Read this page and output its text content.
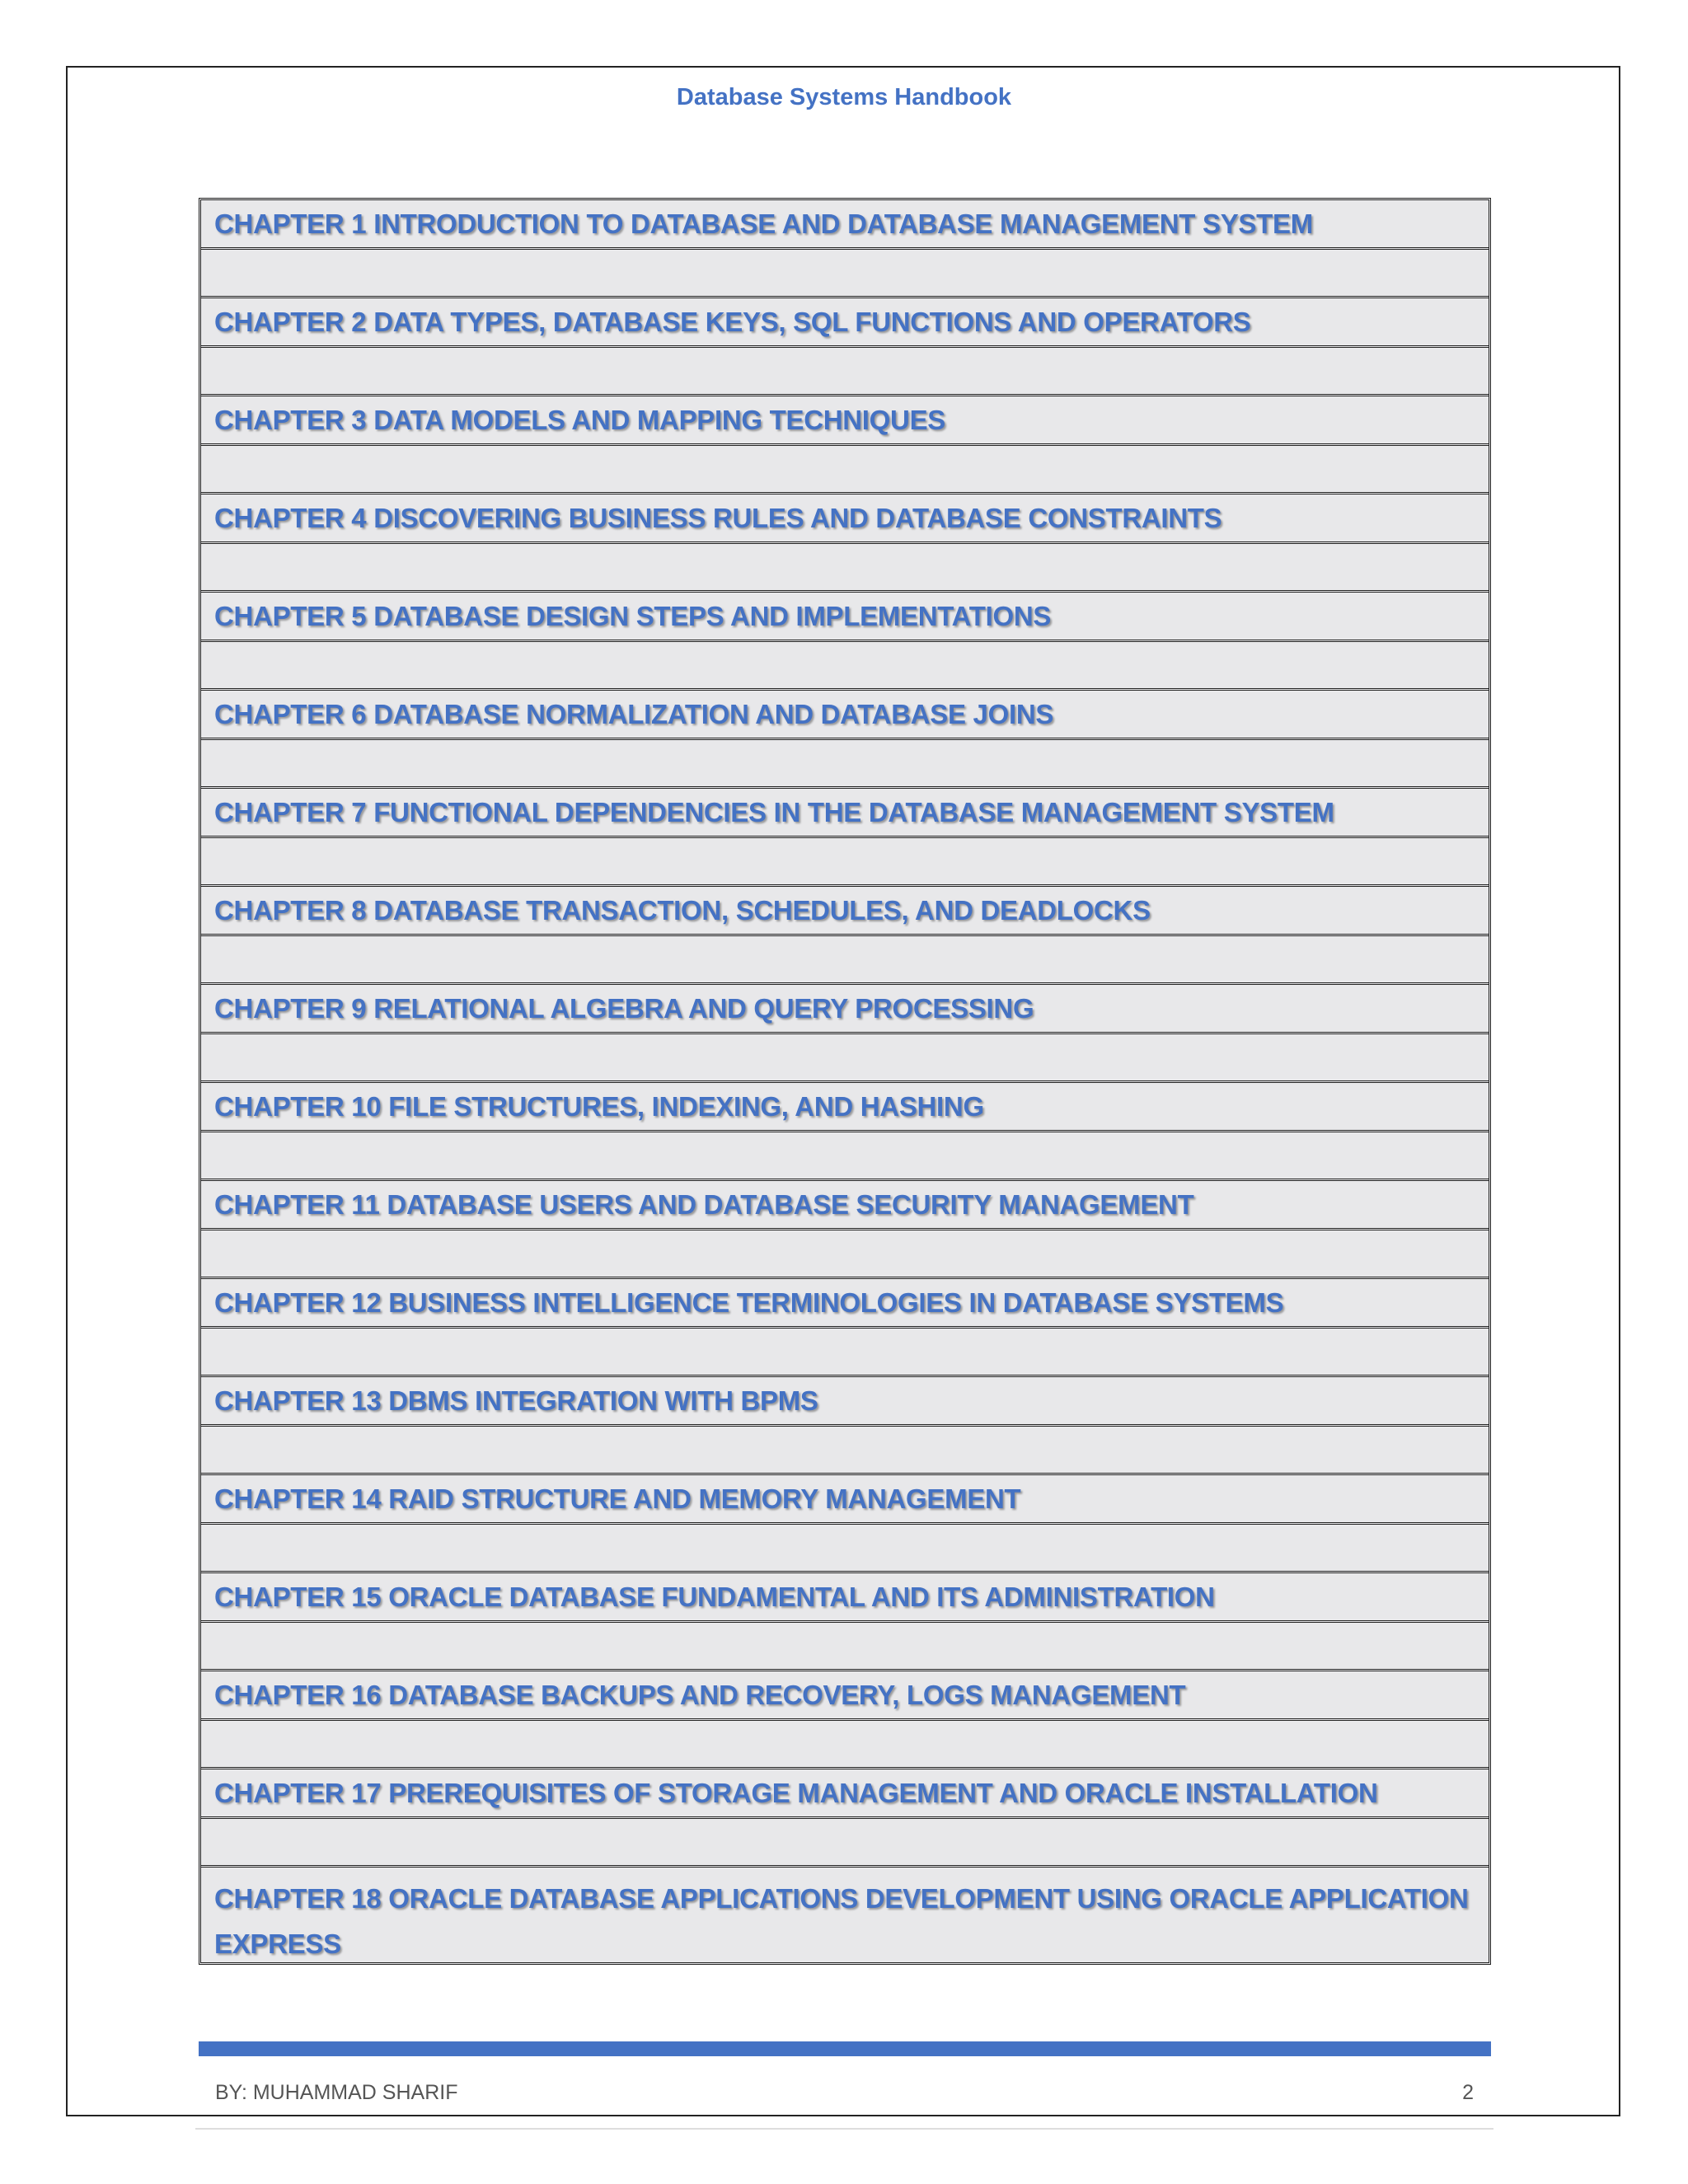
Database Systems Handbook
CHAPTER 1 INTRODUCTION TO DATABASE AND DATABASE MANAGEMENT SYSTEM
CHAPTER 2 DATA TYPES, DATABASE KEYS, SQL FUNCTIONS AND OPERATORS
CHAPTER 3 DATA MODELS AND MAPPING TECHNIQUES
CHAPTER 4 DISCOVERING BUSINESS RULES AND DATABASE CONSTRAINTS
CHAPTER 5 DATABASE DESIGN STEPS AND IMPLEMENTATIONS
CHAPTER 6 DATABASE NORMALIZATION AND DATABASE JOINS
CHAPTER 7 FUNCTIONAL DEPENDENCIES IN THE DATABASE MANAGEMENT SYSTEM
CHAPTER 8 DATABASE TRANSACTION, SCHEDULES, AND DEADLOCKS
CHAPTER 9 RELATIONAL ALGEBRA AND QUERY PROCESSING
CHAPTER 10 FILE STRUCTURES, INDEXING, AND HASHING
CHAPTER 11 DATABASE USERS AND DATABASE SECURITY MANAGEMENT
CHAPTER 12 BUSINESS INTELLIGENCE TERMINOLOGIES IN DATABASE SYSTEMS
CHAPTER 13 DBMS INTEGRATION WITH BPMS
CHAPTER 14 RAID STRUCTURE AND MEMORY MANAGEMENT
CHAPTER 15 ORACLE DATABASE FUNDAMENTAL AND ITS ADMINISTRATION
CHAPTER 16 DATABASE BACKUPS AND RECOVERY, LOGS MANAGEMENT
CHAPTER 17 PREREQUISITES OF STORAGE MANAGEMENT AND ORACLE INSTALLATION
CHAPTER 18 ORACLE DATABASE APPLICATIONS DEVELOPMENT USING ORACLE APPLICATION EXPRESS
BY: MUHAMMAD SHARIF	2
